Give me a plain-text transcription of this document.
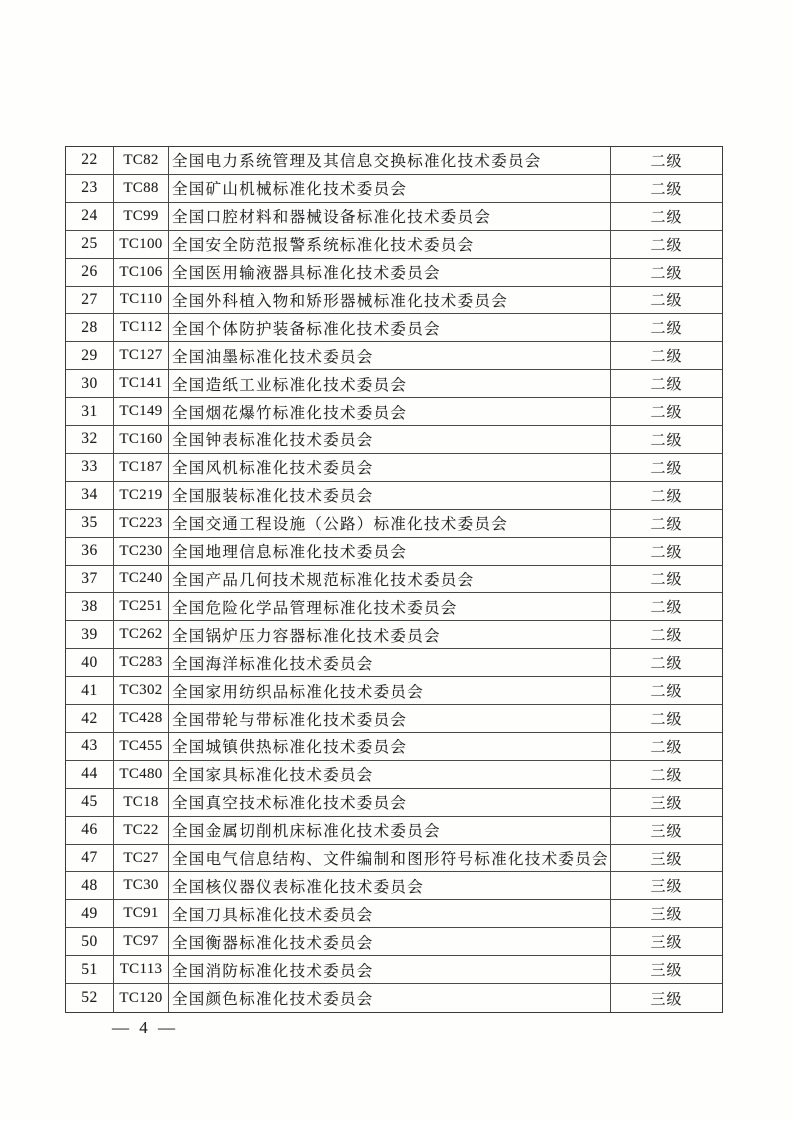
22	TC82 全国电力系统管理及其信息交换标准化技术委员会	二级
23	TC88 全国矿山机械标准化技术委员会	二级
24	TC99 全国口腔材料和器械设备标准化技术委员会	二级
25	TC100 全国安全防范报警系统标准化技术委员会	二级
26	TC106 全国医用输液器具标准化技术委员会	二级
27	TC110 全国外科植入物和矫形器械标准化技术委员会	二级
28	TC112 全国个体防护装备标准化技术委员会	二级
29	TC127 全国油墨标准化技术委员会	二级
30	TC141 全国造纸工业标准化技术委员会	二级
31	TC149 全国烟花爆竹标准化技术委员会	二级
32	TC160 全国钟表标准化技术委员会	二级
33	TC187 全国风机标准化技术委员会	二级
34	TC219 全国服装标准化技术委员会	二级
35	TC223 全国交通工程设施（公路）标准化技术委员会	二级
36	TC230 全国地理信息标准化技术委员会	二级
37	TC240 全国产品几何技术规范标准化技术委员会	二级
38	TC251 全国危险化学品管理标准化技术委员会	二级
39	TC262 全国锅炉压力容器标准化技术委员会	二级
40	TC283 全国海洋标准化技术委员会	二级
41	TC302 全国家用纺织品标准化技术委员会	二级
42	TC428 全国带轮与带标准化技术委员会	二级
43	TC455 全国城镇供热标准化技术委员会	二级
44	TC480 全国家具标准化技术委员会	二级
45	TC18 全国真空技术标准化技术委员会	三级
46	TC22 全国金属切削机床标准化技术委员会	三级
47	TC27 全国电气信息结构、文件编制和图形符号标准化技术委员会	三级
48	TC30 全国核仪器仪表标准化技术委员会	三级
49	TC91 全国刀具标准化技术委员会	三级
50	TC97 全国衡器标准化技术委员会	三级
51	TC113 全国消防标准化技术委员会	三级
52	TC120 全国颜色标准化技术委员会	三级
— 4 —
